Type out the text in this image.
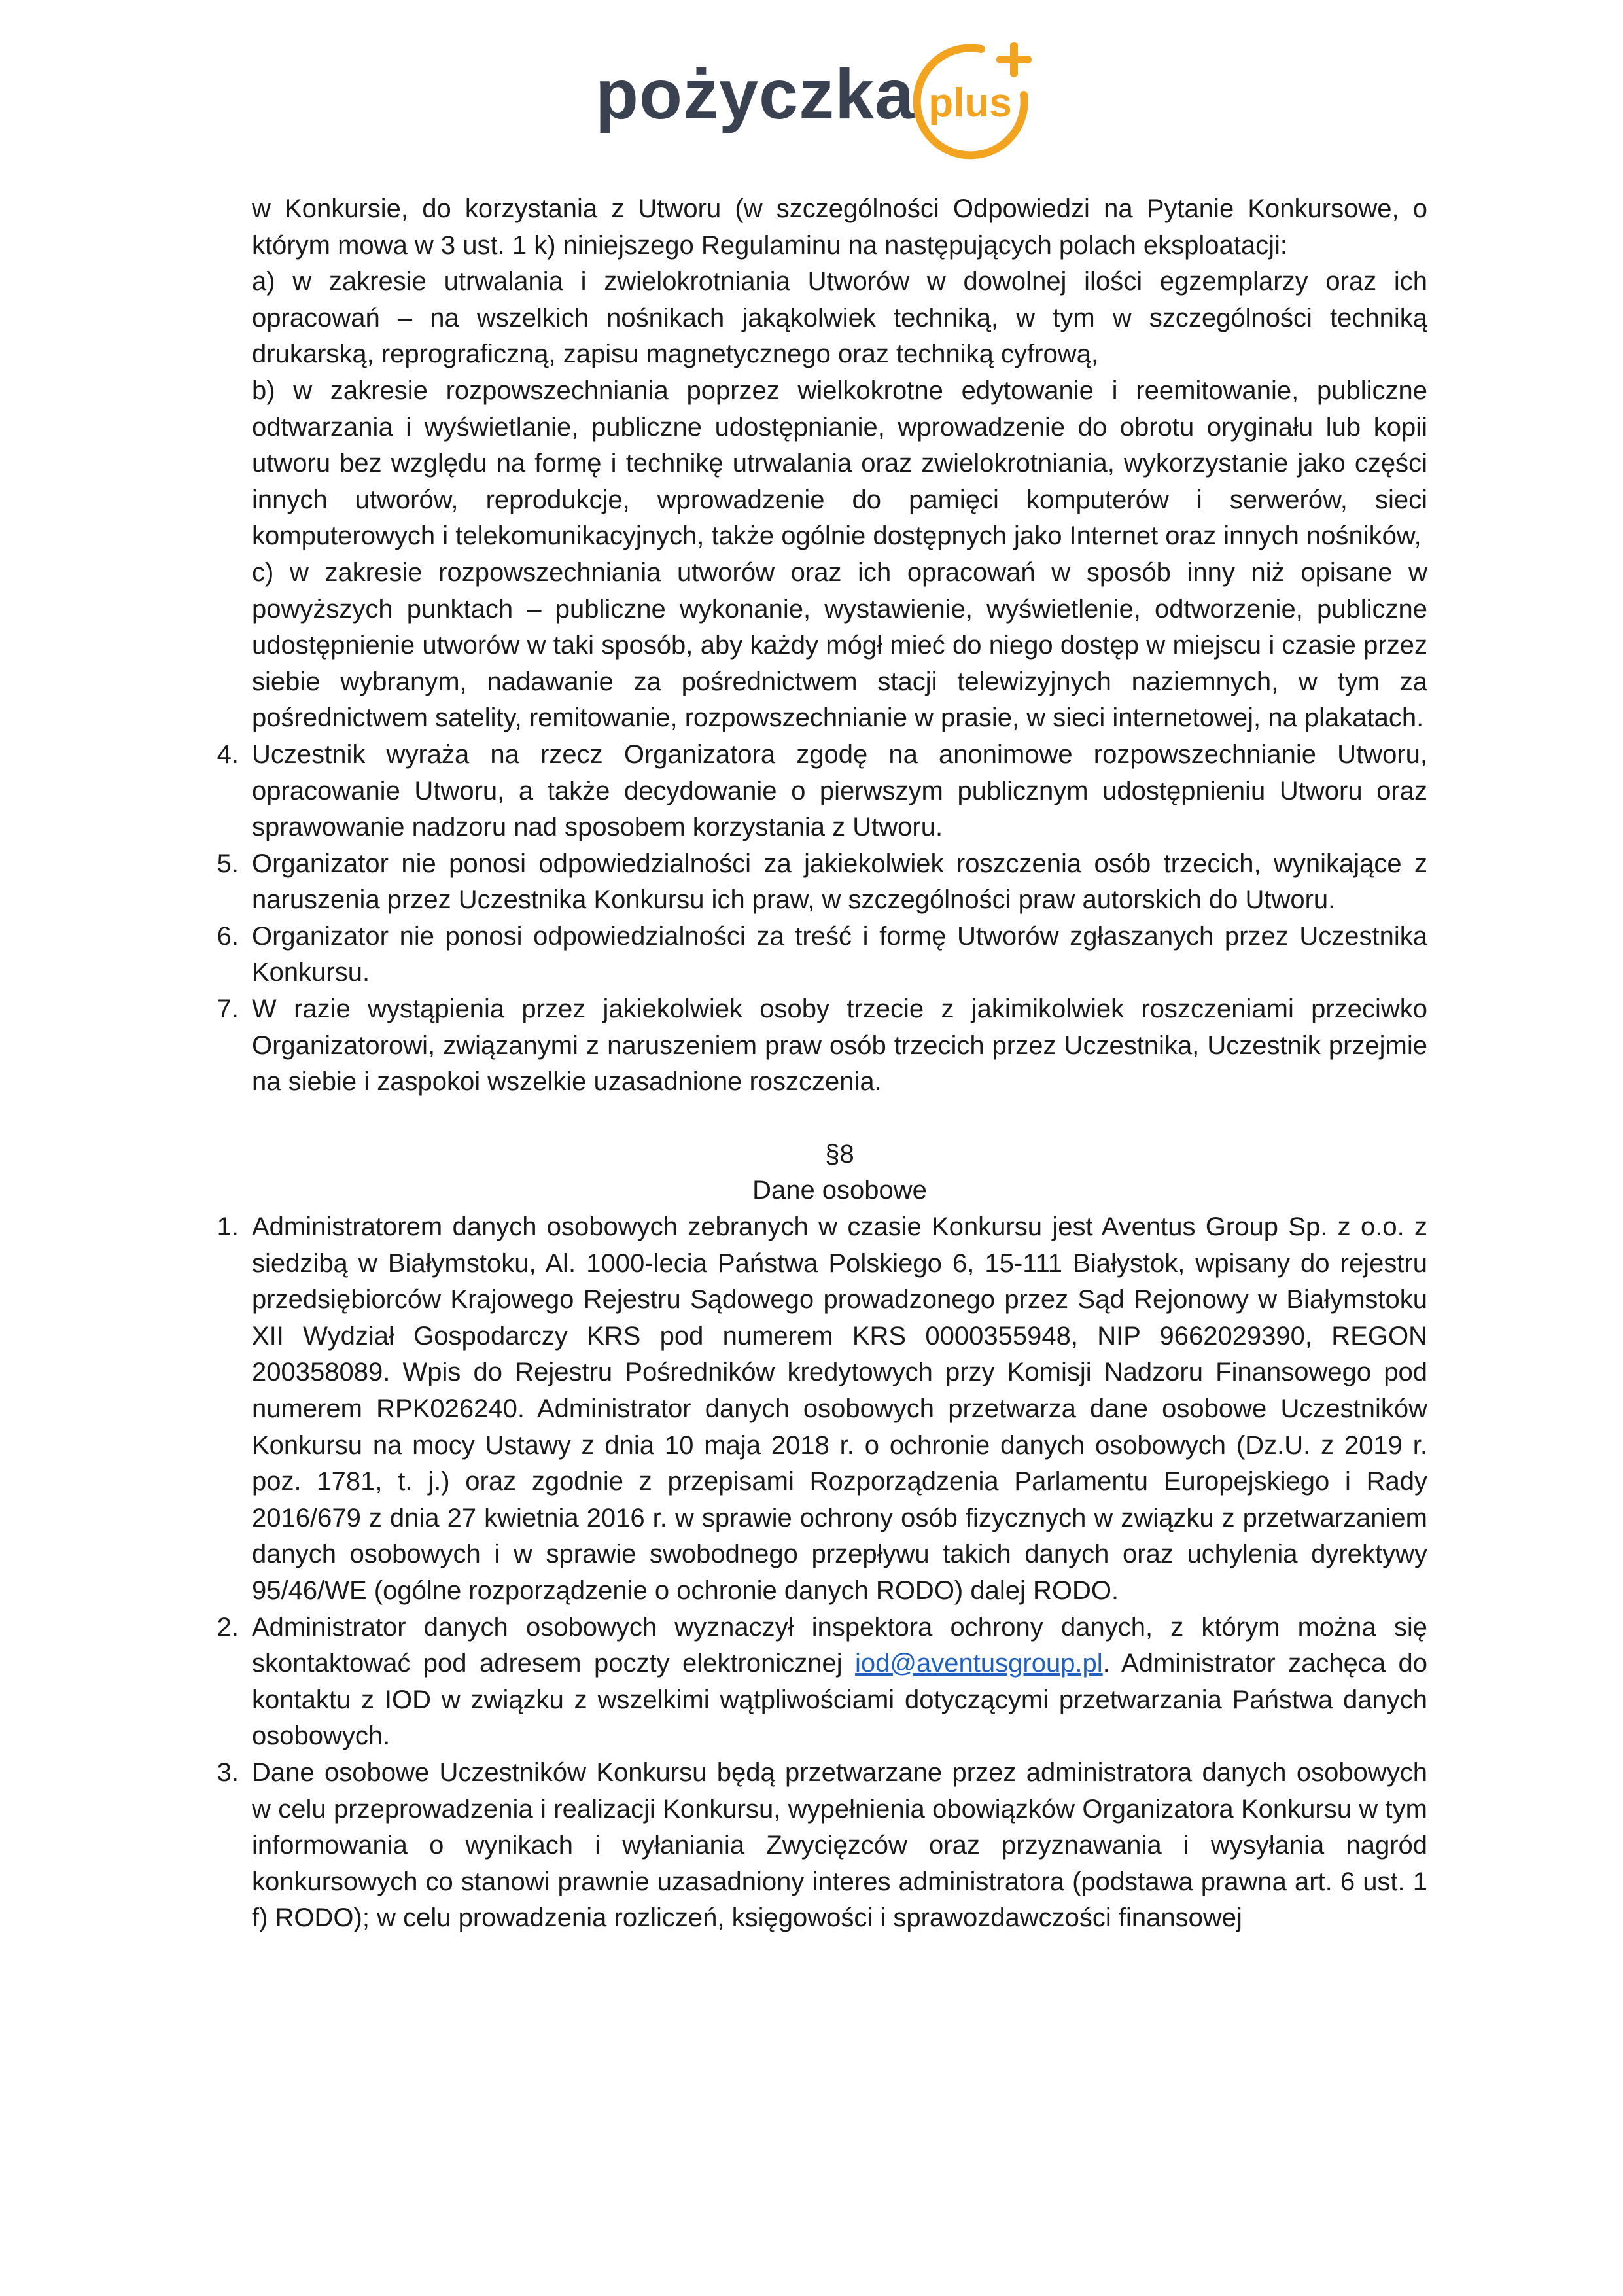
pożyczka plus

w Konkursie, do korzystania z Utworu (w szczególności Odpowiedzi na Pytanie Konkursowe, o którym mowa w 3 ust. 1 k) niniejszego Regulaminu na następujących polach eksploatacji:

a) w zakresie utrwalania i zwielokrotniania Utworów w dowolnej ilości egzemplarzy oraz ich opracowań – na wszelkich nośnikach jakąkolwiek techniką, w tym w szczególności techniką drukarską, reprograficzną, zapisu magnetycznego oraz techniką cyfrową,

b) w zakresie rozpowszechniania poprzez wielkokrotne edytowanie i reemitowanie, publiczne odtwarzania i wyświetlanie, publiczne udostępnianie, wprowadzenie do obrotu oryginału lub kopii utworu bez względu na formę i technikę utrwalania oraz zwielokrotniania, wykorzystanie jako części innych utworów, reprodukcje, wprowadzenie do pamięci komputerów i serwerów, sieci komputerowych i telekomunikacyjnych, także ogólnie dostępnych jako Internet oraz innych nośników,

c) w zakresie rozpowszechniania utworów oraz ich opracowań w sposób inny niż opisane w powyższych punktach – publiczne wykonanie, wystawienie, wyświetlenie, odtworzenie, publiczne udostępnienie utworów w taki sposób, aby każdy mógł mieć do niego dostęp w miejscu i czasie przez siebie wybranym, nadawanie za pośrednictwem stacji telewizyjnych naziemnych, w tym za pośrednictwem satelity, remitowanie, rozpowszechnianie w prasie, w sieci internetowej, na plakatach.

4. Uczestnik wyraża na rzecz Organizatora zgodę na anonimowe rozpowszechnianie Utworu, opracowanie Utworu, a także decydowanie o pierwszym publicznym udostępnieniu Utworu oraz sprawowanie nadzoru nad sposobem korzystania z Utworu.

5. Organizator nie ponosi odpowiedzialności za jakiekolwiek roszczenia osób trzecich, wynikające z naruszenia przez Uczestnika Konkursu ich praw, w szczególności praw autorskich do Utworu.

6. Organizator nie ponosi odpowiedzialności za treść i formę Utworów zgłaszanych przez Uczestnika Konkursu.

7. W razie wystąpienia przez jakiekolwiek osoby trzecie z jakimikolwiek roszczeniami przeciwko Organizatorowi, związanymi z naruszeniem praw osób trzecich przez Uczestnika, Uczestnik przejmie na siebie i zaspokoi wszelkie uzasadnione roszczenia.

§8
Dane osobowe
1. Administratorem danych osobowych zebranych w czasie Konkursu jest Aventus Group Sp. z o.o. z siedzibą w Białymstoku, Al. 1000-lecia Państwa Polskiego 6, 15-111 Białystok, wpisany do rejestru przedsiębiorców Krajowego Rejestru Sądowego prowadzonego przez Sąd Rejonowy w Białymstoku XII Wydział Gospodarczy KRS pod numerem KRS 0000355948, NIP 9662029390, REGON 200358089. Wpis do Rejestru Pośredników kredytowych przy Komisji Nadzoru Finansowego pod numerem RPK026240. Administrator danych osobowych przetwarza dane osobowe Uczestników Konkursu na mocy Ustawy z dnia 10 maja 2018 r. o ochronie danych osobowych (Dz.U. z 2019 r. poz. 1781, t. j.) oraz zgodnie z przepisami Rozporządzenia Parlamentu Europejskiego i Rady 2016/679 z dnia 27 kwietnia 2016 r. w sprawie ochrony osób fizycznych w związku z przetwarzaniem danych osobowych i w sprawie swobodnego przepływu takich danych oraz uchylenia dyrektywy 95/46/WE (ogólne rozporządzenie o ochronie danych RODO) dalej RODO.

2. Administrator danych osobowych wyznaczył inspektora ochrony danych, z którym można się skontaktować pod adresem poczty elektronicznej iod@aventusgroup.pl. Administrator zachęca do kontaktu z IOD w związku z wszelkimi wątpliwościami dotyczącymi przetwarzania Państwa danych osobowych.

3. Dane osobowe Uczestników Konkursu będą przetwarzane przez administratora danych osobowych w celu przeprowadzenia i realizacji Konkursu, wypełnienia obowiązków Organizatora Konkursu w tym informowania o wynikach i wyłaniania Zwycięzców oraz przyznawania i wysyłania nagród konkursowych co stanowi prawnie uzasadniony interes administratora (podstawa prawna art. 6 ust. 1 f) RODO); w celu prowadzenia rozliczeń, księgowości i sprawozdawczości finansowej
